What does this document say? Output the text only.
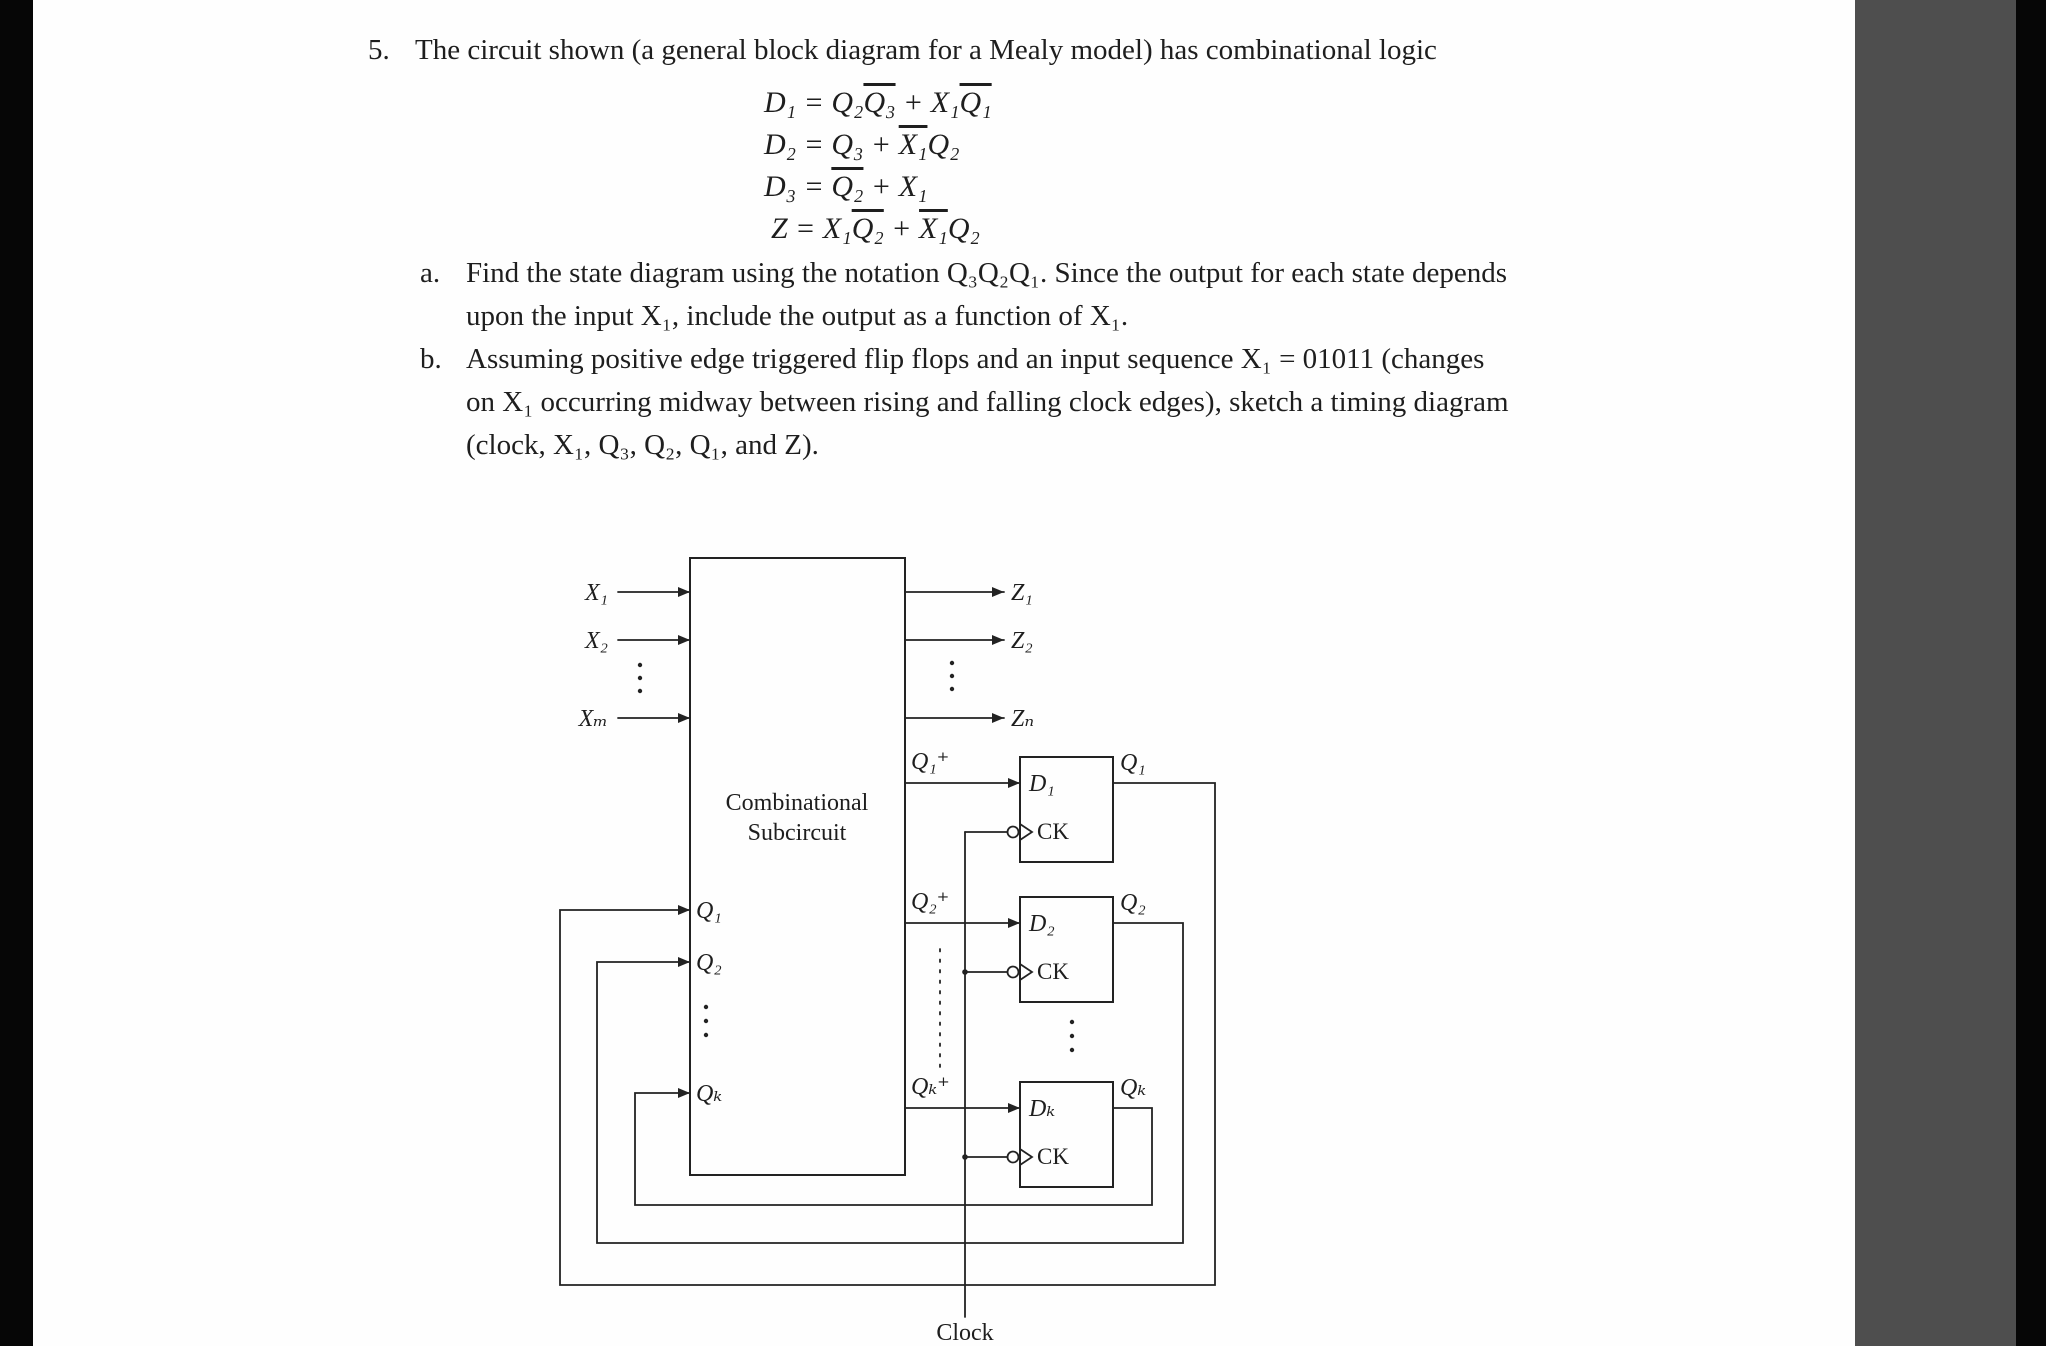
5. The circuit shown (a general block diagram for a Mealy model) has combinational logic
D₁ = Q₂Q₃ + X₁Q₁
D₂ = Q₃ + X₁Q₂
D₃ = Q₂ + X₁
Z = X₁Q₂ + X₁Q₂
a. Find the state diagram using the notation Q₃Q₂Q₁. Since the output for each state depends
upon the input X₁, include the output as a function of X₁.
b. Assuming positive edge triggered flip flops and an input sequence X₁ = 01011 (changes
on X₁ occurring midway between rising and falling clock edges), sketch a timing diagram
(clock, X₁, Q₃, Q₂, Q₁, and Z).
Combinational
Subcircuit
X₁
X₂
Xₘ
Z₁
Z₂
Zₙ
Q₁⁺
Q₂⁺
Qₖ⁺
D₁
D₂
Dₖ
CK
CK
CK
Clock
Q₁
Q₂
Qₖ
Q₁
Q₂
Qₖ
